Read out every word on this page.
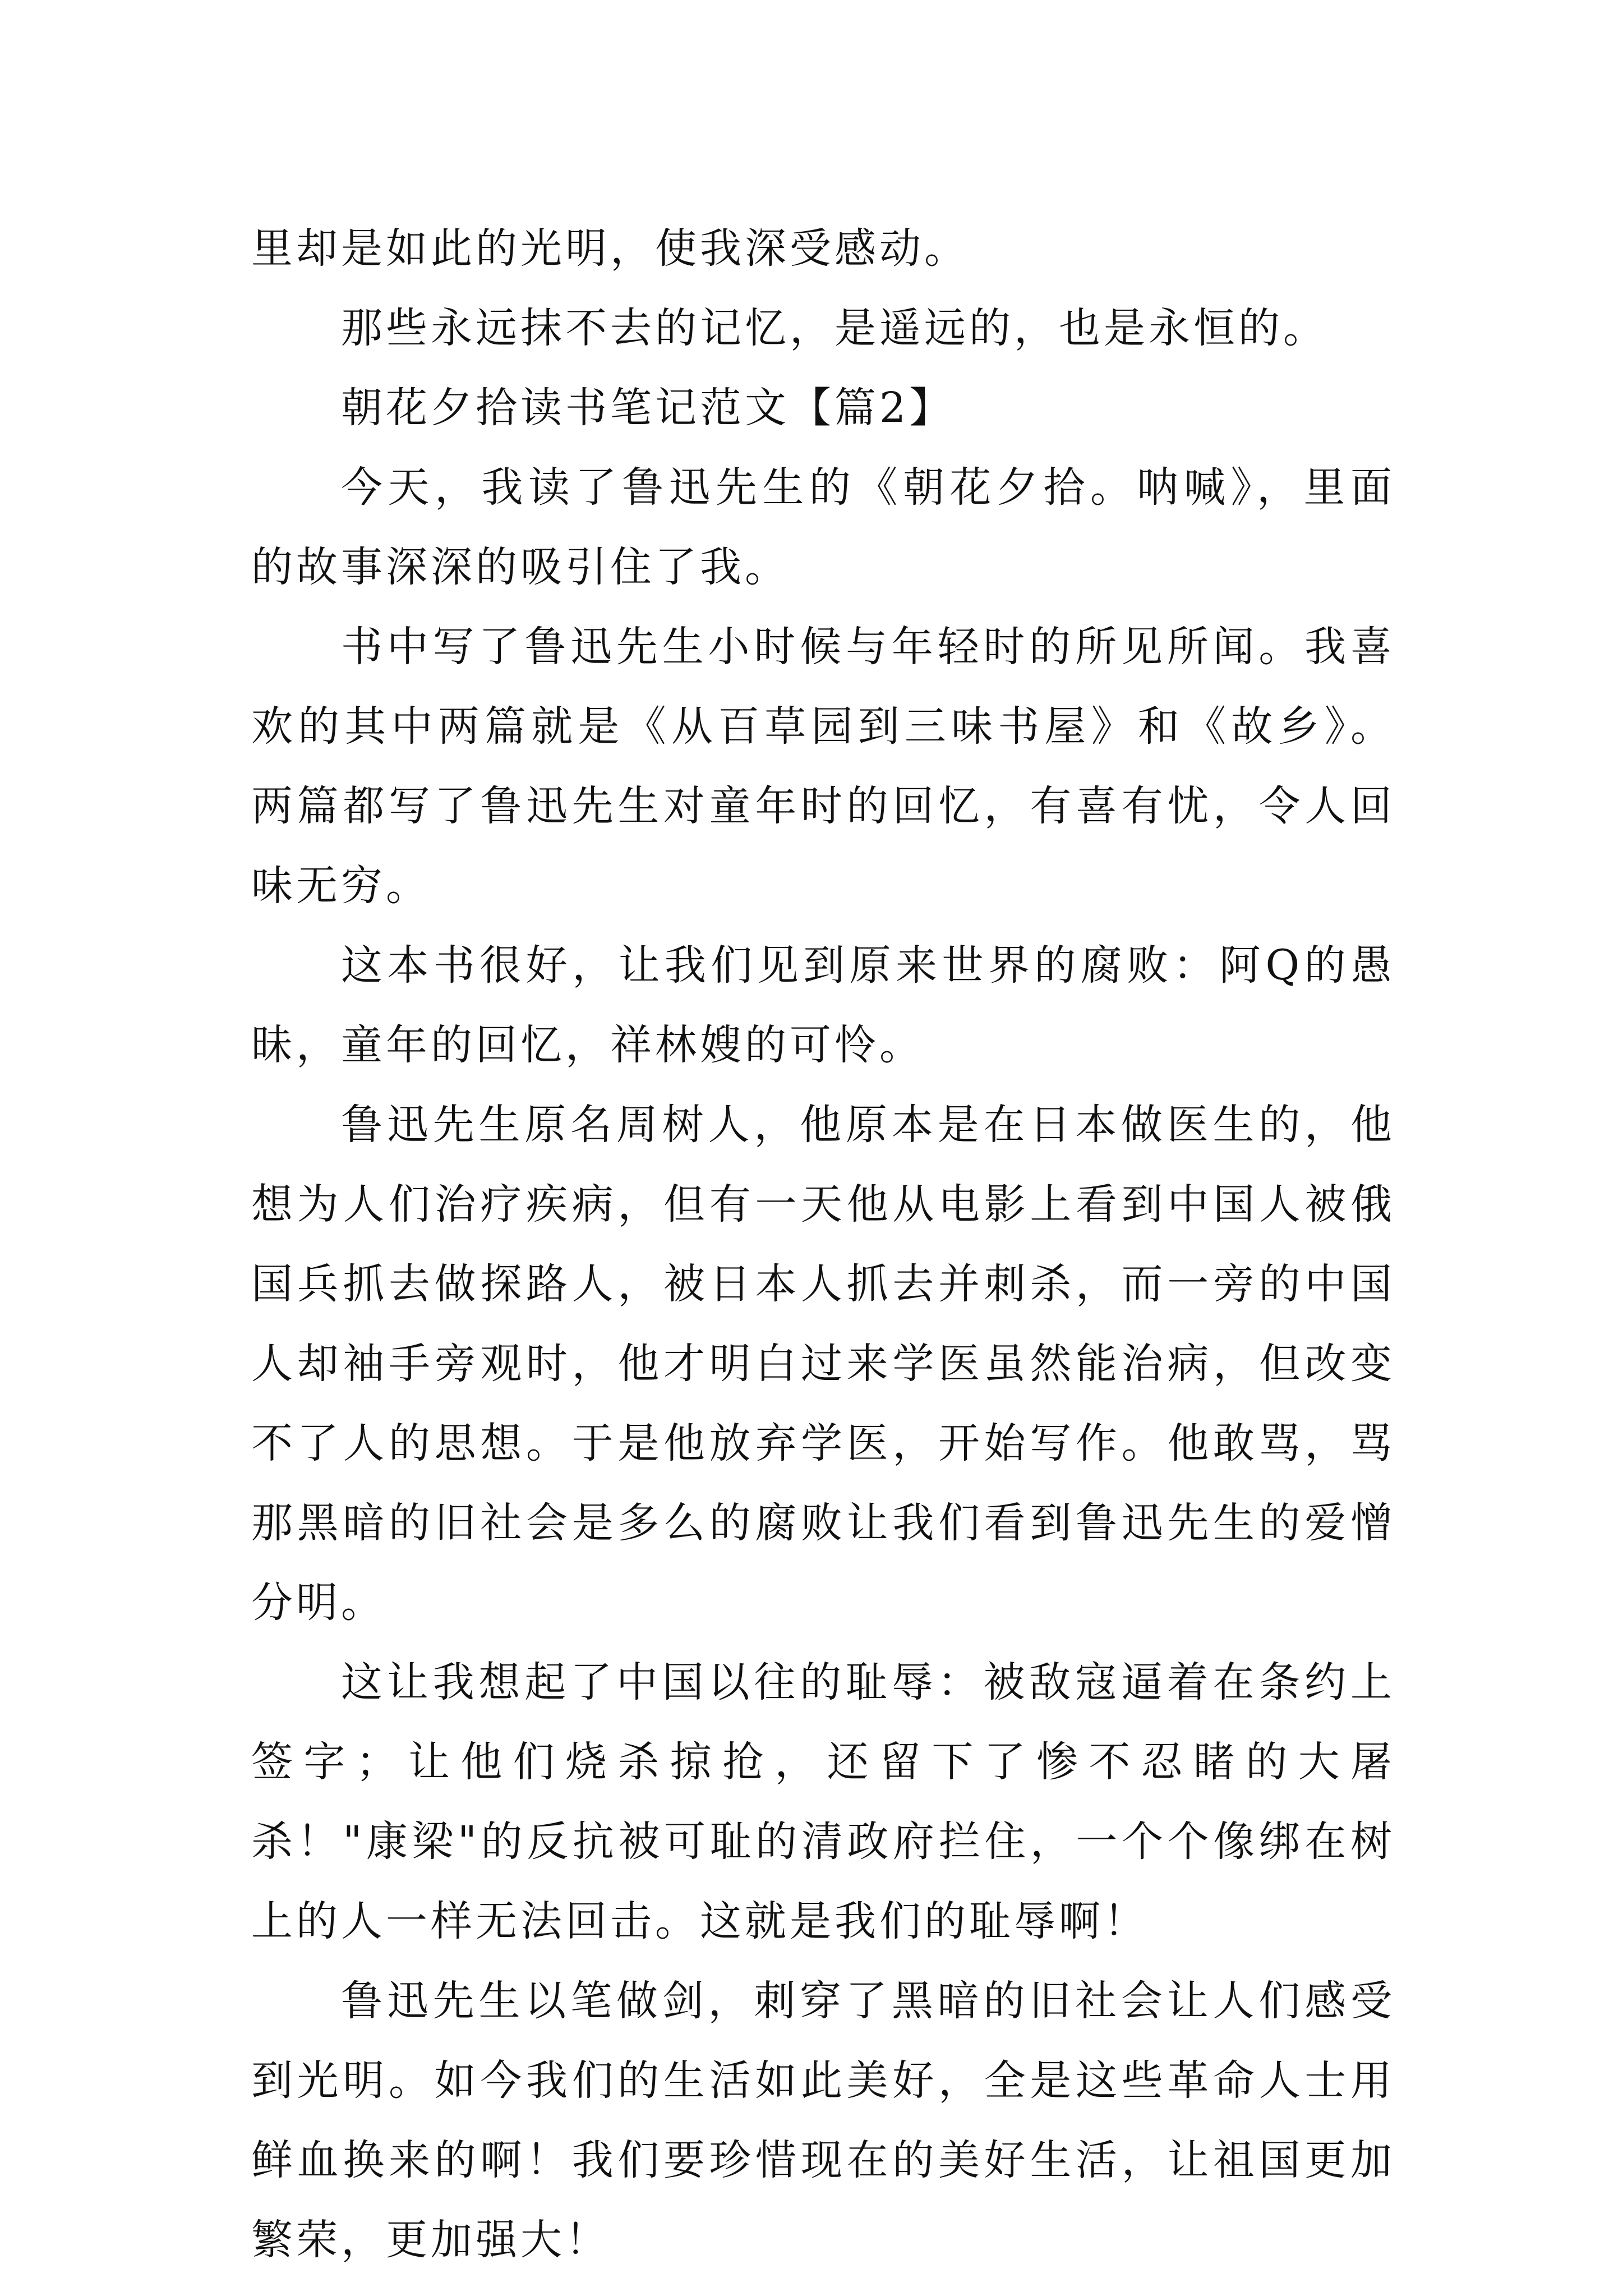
里却是如此的光明，使我深受感动。

那些永远抹不去的记忆，是遥远的，也是永恒的。

朝花夕拾读书笔记范文【篇2】

今天，我读了鲁迅先生的《朝花夕拾。呐喊》，里面的故事深深的吸引住了我。

书中写了鲁迅先生小时候与年轻时的所见所闻。我喜欢的其中两篇就是《从百草园到三味书屋》和《故乡》。两篇都写了鲁迅先生对童年时的回忆，有喜有忧，令人回味无穷。

这本书很好，让我们见到原来世界的腐败：阿Q的愚昧，童年的回忆，祥林嫂的可怜。

鲁迅先生原名周树人，他原本是在日本做医生的，他想为人们治疗疾病，但有一天他从电影上看到中国人被俄国兵抓去做探路人，被日本人抓去并刺杀，而一旁的中国人却袖手旁观时，他才明白过来学医虽然能治病，但改变不了人的思想。于是他放弃学医，开始写作。他敢骂，骂那黑暗的旧社会是多么的腐败让我们看到鲁迅先生的爱憎分明。

这让我想起了中国以往的耻辱：被敌寇逼着在条约上签字；让他们烧杀掠抢，还留下了惨不忍睹的大屠杀！"康梁"的反抗被可耻的清政府拦住，一个个像绑在树上的人一样无法回击。这就是我们的耻辱啊！

鲁迅先生以笔做剑，刺穿了黑暗的旧社会让人们感受到光明。如今我们的生活如此美好，全是这些革命人士用鲜血换来的啊！我们要珍惜现在的美好生活，让祖国更加繁荣，更加强大！
